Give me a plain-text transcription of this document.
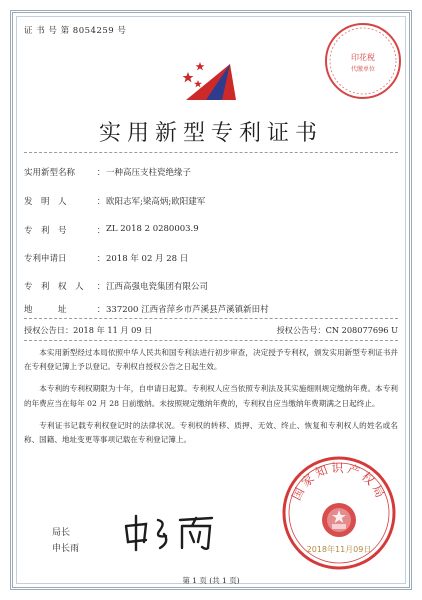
证 书 号 第 8054259 号
印花税
代缴单位
实用新型专利证书
实用新型名称	： 一种高压支柱瓷绝缘子
发　明　人	： 欧阳志军;梁高炳;欧阳建军
专　利　号	： ZL 2018 2 0280003.9
专利申请日	： 2018 年 02 月 28 日
专　利　权　人	： 江西高强电瓷集团有限公司
地　　　址	： 337200 江西省萍乡市芦溪县芦溪镇新田村
授权公告日：2018 年 11 月 09 日	授权公告号：CN 208077696 U

本实用新型经过本局依照中华人民共和国专利法进行初步审查，决定授予专利权，颁发实用新型专利证书并在专利登记簿上予以登记。专利权自授权公告之日起生效。

本专利的专利权期限为十年，自申请日起算。专利权人应当依照专利法及其实施细则规定缴纳年费。本专利的年费应当在每年 02 月 28 日前缴纳。未按照规定缴纳年费的，专利权自应当缴纳年费期满之日起终止。

专利证书记载专利权登记时的法律状况。专利权的转移、质押、无效、终止、恢复和专利权人的姓名或名称、国籍、地址变更等事项记载在专利登记簿上。

局长
申长雨
国家知识产权局
2018年11月09日
第 1 页 (共 1 页)
